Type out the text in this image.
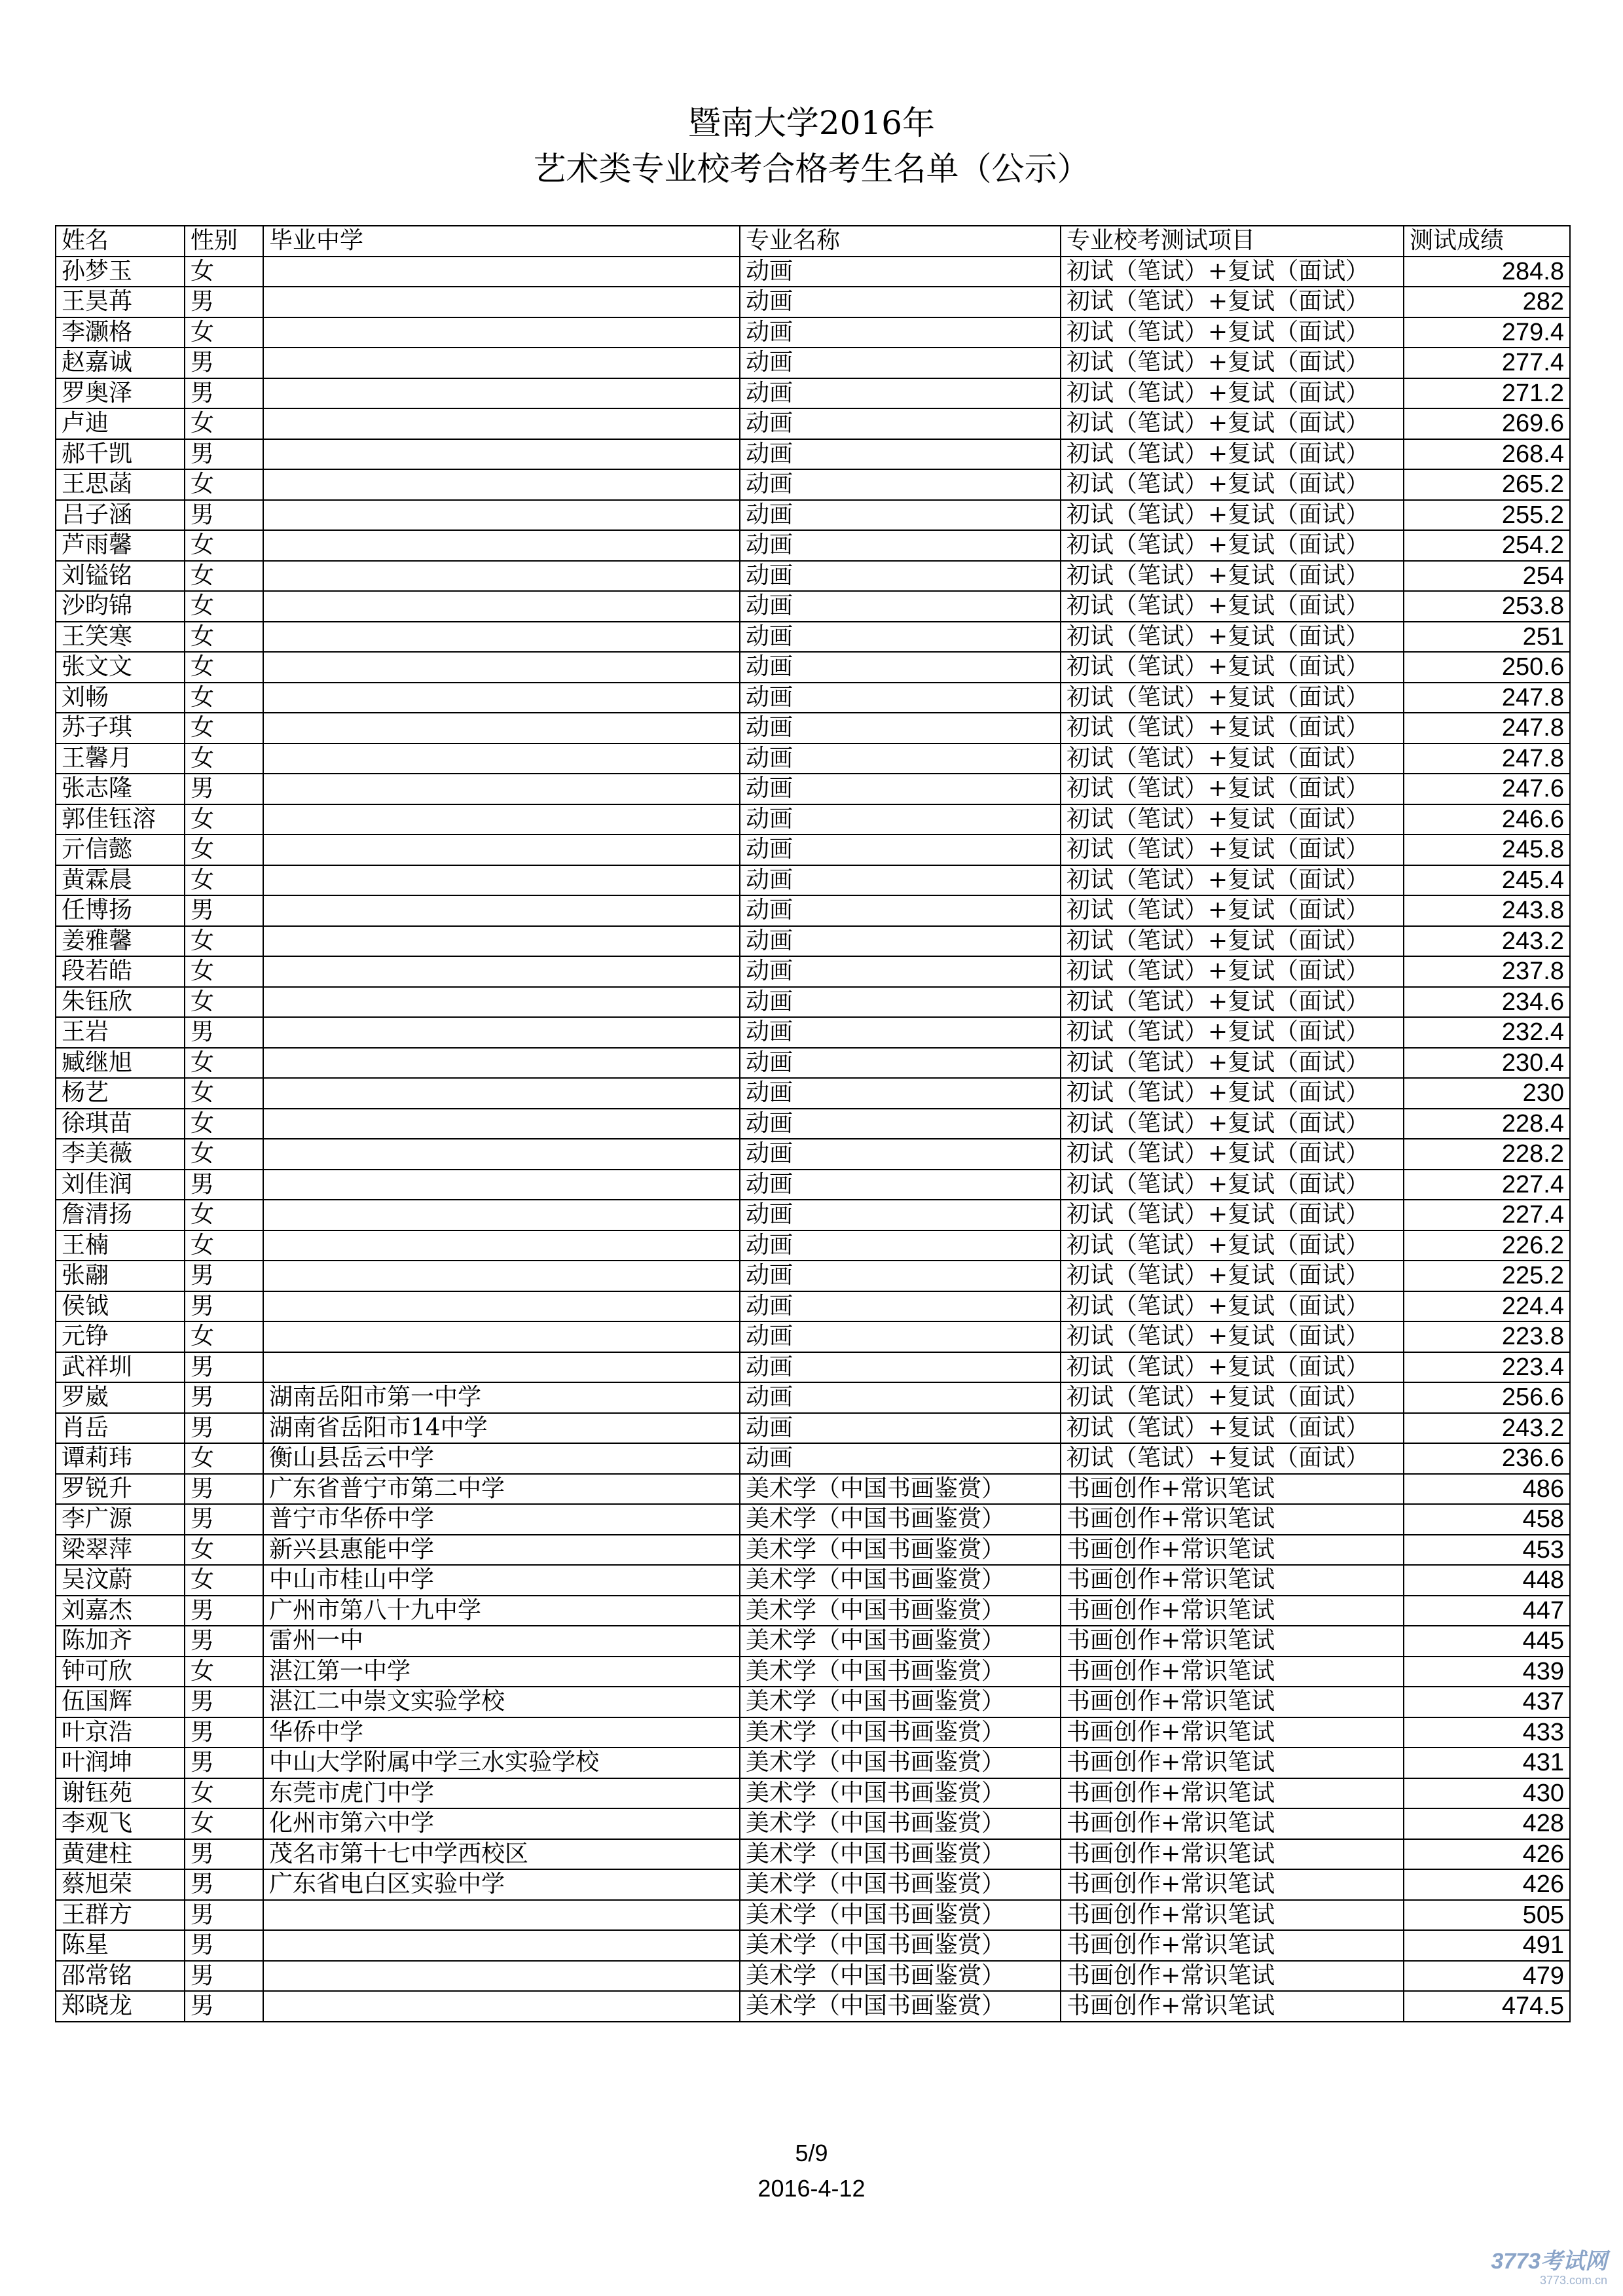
暨南大学2016年
艺术类专业校考合格考生名单（公示）
姓名	性别	毕业中学	专业名称	专业校考测试项目	测试成绩
孙梦玉	女		动画	初试（笔试）+复试（面试）	284.8
王昊苒	男		动画	初试（笔试）+复试（面试）	282
李灏格	女		动画	初试（笔试）+复试（面试）	279.4
赵嘉诚	男		动画	初试（笔试）+复试（面试）	277.4
罗奥泽	男		动画	初试（笔试）+复试（面试）	271.2
卢迪	女		动画	初试（笔试）+复试（面试）	269.6
郝千凯	男		动画	初试（笔试）+复试（面试）	268.4
王思菡	女		动画	初试（笔试）+复试（面试）	265.2
吕子涵	男		动画	初试（笔试）+复试（面试）	255.2
芦雨馨	女		动画	初试（笔试）+复试（面试）	254.2
刘镒铭	女		动画	初试（笔试）+复试（面试）	254
沙昀锦	女		动画	初试（笔试）+复试（面试）	253.8
王笑寒	女		动画	初试（笔试）+复试（面试）	251
张文文	女		动画	初试（笔试）+复试（面试）	250.6
刘畅	女		动画	初试（笔试）+复试（面试）	247.8
苏子琪	女		动画	初试（笔试）+复试（面试）	247.8
王馨月	女		动画	初试（笔试）+复试（面试）	247.8
张志隆	男		动画	初试（笔试）+复试（面试）	247.6
郭佳钰溶	女		动画	初试（笔试）+复试（面试）	246.6
亓信懿	女		动画	初试（笔试）+复试（面试）	245.8
黄霖晨	女		动画	初试（笔试）+复试（面试）	245.4
任博扬	男		动画	初试（笔试）+复试（面试）	243.8
姜雅馨	女		动画	初试（笔试）+复试（面试）	243.2
段若皓	女		动画	初试（笔试）+复试（面试）	237.8
朱钰欣	女		动画	初试（笔试）+复试（面试）	234.6
王岩	男		动画	初试（笔试）+复试（面试）	232.4
臧继旭	女		动画	初试（笔试）+复试（面试）	230.4
杨艺	女		动画	初试（笔试）+复试（面试）	230
徐琪苗	女		动画	初试（笔试）+复试（面试）	228.4
李美薇	女		动画	初试（笔试）+复试（面试）	228.2
刘佳润	男		动画	初试（笔试）+复试（面试）	227.4
詹清扬	女		动画	初试（笔试）+复试（面试）	227.4
王楠	女		动画	初试（笔试）+复试（面试）	226.2
张翮	男		动画	初试（笔试）+复试（面试）	225.2
侯钺	男		动画	初试（笔试）+复试（面试）	224.4
元铮	女		动画	初试（笔试）+复试（面试）	223.8
武祥圳	男		动画	初试（笔试）+复试（面试）	223.4
罗崴	男	湖南岳阳市第一中学	动画	初试（笔试）+复试（面试）	256.6
肖岳	男	湖南省岳阳市14中学	动画	初试（笔试）+复试（面试）	243.2
谭莉玮	女	衡山县岳云中学	动画	初试（笔试）+复试（面试）	236.6
罗锐升	男	广东省普宁市第二中学	美术学（中国书画鉴赏）	书画创作+常识笔试	486
李广源	男	普宁市华侨中学	美术学（中国书画鉴赏）	书画创作+常识笔试	458
梁翠萍	女	新兴县惠能中学	美术学（中国书画鉴赏）	书画创作+常识笔试	453
吴汶蔚	女	中山市桂山中学	美术学（中国书画鉴赏）	书画创作+常识笔试	448
刘嘉杰	男	广州市第八十九中学	美术学（中国书画鉴赏）	书画创作+常识笔试	447
陈加齐	男	雷州一中	美术学（中国书画鉴赏）	书画创作+常识笔试	445
钟可欣	女	湛江第一中学	美术学（中国书画鉴赏）	书画创作+常识笔试	439
伍国辉	男	湛江二中崇文实验学校	美术学（中国书画鉴赏）	书画创作+常识笔试	437
叶京浩	男	华侨中学	美术学（中国书画鉴赏）	书画创作+常识笔试	433
叶润坤	男	中山大学附属中学三水实验学校	美术学（中国书画鉴赏）	书画创作+常识笔试	431
谢钰苑	女	东莞市虎门中学	美术学（中国书画鉴赏）	书画创作+常识笔试	430
李观飞	女	化州市第六中学	美术学（中国书画鉴赏）	书画创作+常识笔试	428
黄建柱	男	茂名市第十七中学西校区	美术学（中国书画鉴赏）	书画创作+常识笔试	426
蔡旭荣	男	广东省电白区实验中学	美术学（中国书画鉴赏）	书画创作+常识笔试	426
王群方	男		美术学（中国书画鉴赏）	书画创作+常识笔试	505
陈星	男		美术学（中国书画鉴赏）	书画创作+常识笔试	491
邵常铭	男		美术学（中国书画鉴赏）	书画创作+常识笔试	479
郑晓龙	男		美术学（中国书画鉴赏）	书画创作+常识笔试	474.5
5/9
2016-4-12
3773考试网
3773.com.cn
